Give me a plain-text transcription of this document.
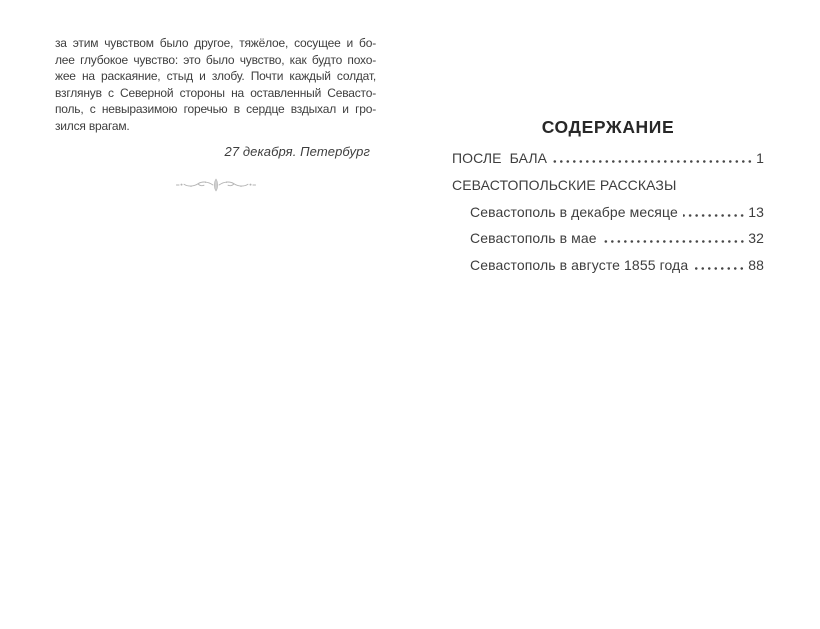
за этим чувством было другое, тяжёлое, сосущее и бо-
лее глубокое чувство: это было чувство, как будто похо-
жее на раскаяние, стыд и злобу. Почти каждый солдат,
взглянув с Северной стороны на оставленный Севасто-
поль, с невыразимою горечью в сердце вздыхал и гро-
зился врагам.
27 декабря. Петербург
СОДЕРЖАНИЕ
ПОСЛЕ  БАЛА	1
СЕВАСТОПОЛЬСКИЕ РАССКАЗЫ
Севастополь в декабре месяце	13
Севастополь в мае	32
Севастополь в августе 1855 года	88
